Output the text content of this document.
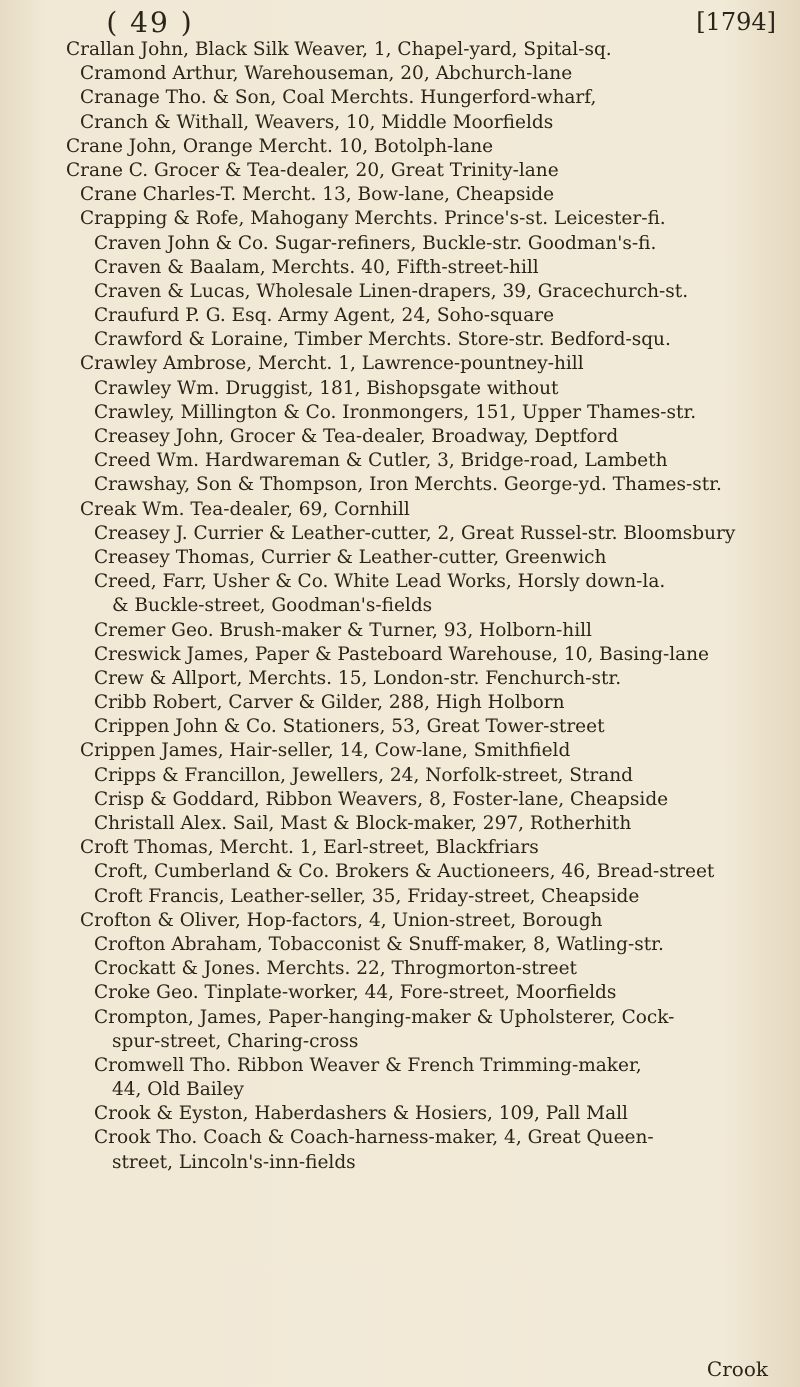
( 49 )	[1794]
Crallan John, Black Silk Weaver, 1, Chapel-yard, Spital-sq.
Cramond Arthur, Warehouseman, 20, Abchurch-lane
Cranage Tho. & Son, Coal Merchts. Hungerford-wharf,
Cranch & Withall, Weavers, 10, Middle Moorfields
Crane John, Orange Mercht. 10, Botolph-lane
Crane C. Grocer & Tea-dealer, 20, Great Trinity-lane
Crane Charles-T. Mercht. 13, Bow-lane, Cheapside
Crapping & Rofe, Mahogany Merchts. Prince's-st. Leicester-fi.
Craven John & Co. Sugar-refiners, Buckle-str. Goodman's-fi.
Craven & Baalam, Merchts. 40, Fifth-street-hill
Craven & Lucas, Wholesale Linen-drapers, 39, Gracechurch-st.
Craufurd P. G. Esq. Army Agent, 24, Soho-square
Crawford & Loraine, Timber Merchts. Store-str. Bedford-squ.
Crawley Ambrose, Mercht. 1, Lawrence-pountney-hill
Crawley Wm. Druggist, 181, Bishopsgate without
Crawley, Millington & Co. Ironmongers, 151, Upper Thames-str.
Creasey John, Grocer & Tea-dealer, Broadway, Deptford
Creed Wm. Hardwareman & Cutler, 3, Bridge-road, Lambeth
Crawshay, Son & Thompson, Iron Merchts. George-yd. Thames-str.
Creak Wm. Tea-dealer, 69, Cornhill
Creasey J. Currier & Leather-cutter, 2, Great Russel-str. Bloomsbury
Creasey Thomas, Currier & Leather-cutter, Greenwich
Creed, Farr, Usher & Co. White Lead Works, Horsly down-la.
& Buckle-street, Goodman's-fields
Cremer Geo. Brush-maker & Turner, 93, Holborn-hill
Creswick James, Paper & Pasteboard Warehouse, 10, Basing-lane
Crew & Allport, Merchts. 15, London-str. Fenchurch-str.
Cribb Robert, Carver & Gilder, 288, High Holborn
Crippen John & Co. Stationers, 53, Great Tower-street
Crippen James, Hair-seller, 14, Cow-lane, Smithfield
Cripps & Francillon, Jewellers, 24, Norfolk-street, Strand
Crisp & Goddard, Ribbon Weavers, 8, Foster-lane, Cheapside
Christall Alex. Sail, Mast & Block-maker, 297, Rotherhith
Croft Thomas, Mercht. 1, Earl-street, Blackfriars
Croft, Cumberland & Co. Brokers & Auctioneers, 46, Bread-street
Croft Francis, Leather-seller, 35, Friday-street, Cheapside
Crofton & Oliver, Hop-factors, 4, Union-street, Borough
Crofton Abraham, Tobacconist & Snuff-maker, 8, Watling-str.
Crockatt & Jones. Merchts. 22, Throgmorton-street
Croke Geo. Tinplate-worker, 44, Fore-street, Moorfields
Crompton, James, Paper-hanging-maker & Upholsterer, Cock-
spur-street, Charing-cross
Cromwell Tho. Ribbon Weaver & French Trimming-maker,
44, Old Bailey
Crook & Eyston, Haberdashers & Hosiers, 109, Pall Mall
Crook Tho. Coach & Coach-harness-maker, 4, Great Queen-
street, Lincoln's-inn-fields
Crook
